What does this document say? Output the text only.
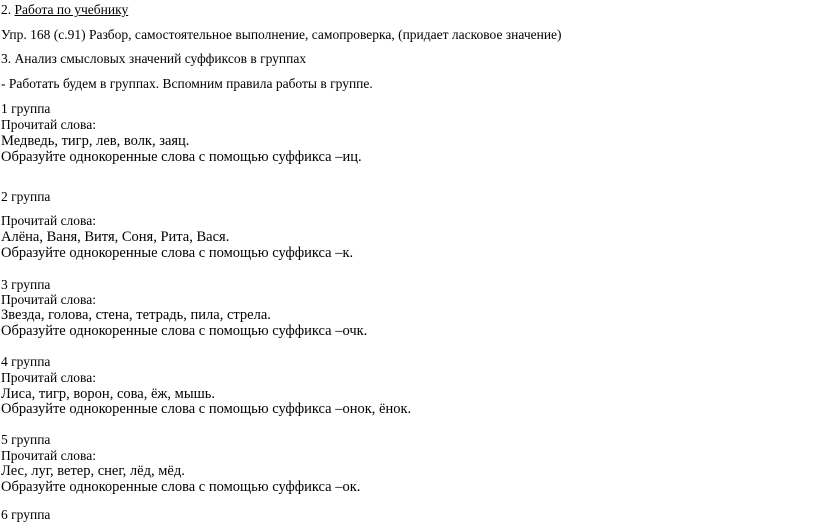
2. Работа по учебнику

Упр. 168 (с.91) Разбор, самостоятельное выполнение, самопроверка, (придает ласковое значение)

3. Анализ смысловых значений суффиксов в группах

- Работать будем в группах. Вспомним правила работы в группе.

1 группа

Прочитай слова:

Медведь, тигр, лев, волк, заяц.

Образуйте однокоренные слова с помощью суффикса –иц.

2 группа

Прочитай слова:

Алёна, Ваня, Витя, Соня, Рита, Вася.

Образуйте однокоренные слова с помощью суффикса –к.

3 группа

Прочитай слова:

Звезда, голова, стена, тетрадь, пила, стрела.

Образуйте однокоренные слова с помощью суффикса –очк.

4 группа

Прочитай слова:

Лиса, тигр, ворон, сова, ёж, мышь.

Образуйте однокоренные слова с помощью суффикса –онок, ёнок.

5 группа

Прочитай слова:

Лес, луг, ветер, снег, лёд, мёд.

Образуйте однокоренные слова с помощью суффикса –ок.

6 группа
